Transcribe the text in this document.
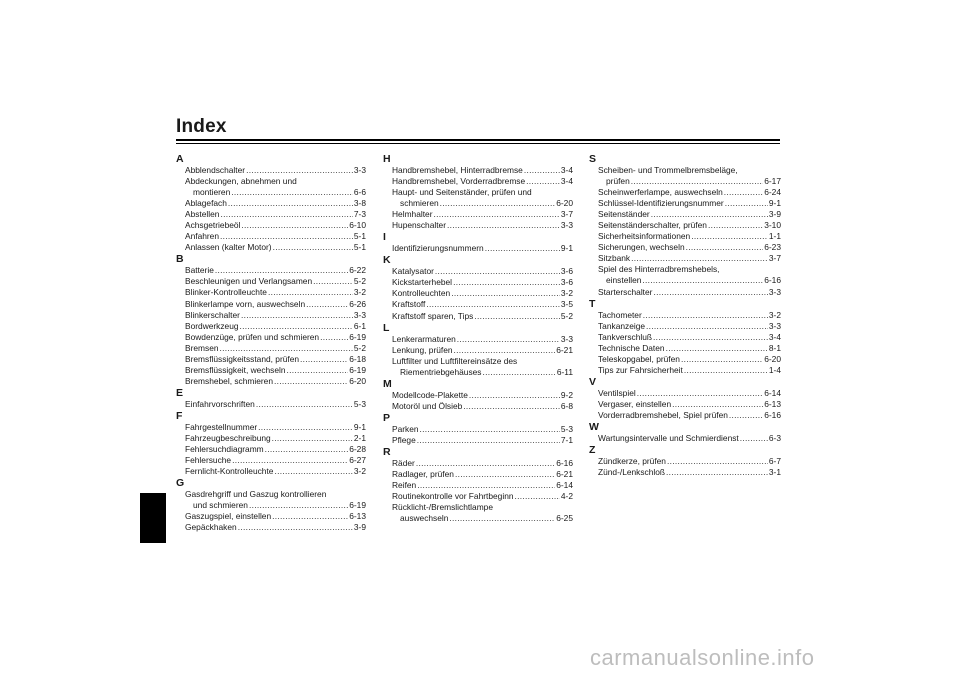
Index
A
Abblendschalter .....	3-3
Abdeckungen, abnehmen und
montieren .....	6-6
Ablagefach .....	3-8
Abstellen .....	7-3
Achsgetriebeöl .....	6-10
Anfahren .....	5-1
Anlassen (kalter Motor) .....	5-1
B
Batterie .....	6-22
Beschleunigen und Verlangsamen .....	5-2
Blinker-Kontrolleuchte .....	3-2
Blinkerlampe vorn, auswechseln .....	6-26
Blinkerschalter .....	3-3
Bordwerkzeug .....	6-1
Bowdenzüge, prüfen und schmieren .....	6-19
Bremsen .....	5-2
Bremsflüssigkeitsstand, prüfen .....	6-18
Bremsflüssigkeit, wechseln .....	6-19
Bremshebel, schmieren .....	6-20
E
Einfahrvorschriften .....	5-3
F
Fahrgestellnummer .....	9-1
Fahrzeugbeschreibung .....	2-1
Fehlersuchdiagramm .....	6-28
Fehlersuche .....	6-27
Fernlicht-Kontrolleuchte .....	3-2
G
Gasdrehgriff und Gaszug kontrollieren
und schmieren .....	6-19
Gaszugspiel, einstellen .....	6-13
Gepäckhaken .....	3-9
H
Handbremshebel, Hinterradbremse .....	3-4
Handbremshebel, Vorderradbremse .....	3-4
Haupt- und Seitenständer, prüfen und
schmieren .....	6-20
Helmhalter .....	3-7
Hupenschalter .....	3-3
I
Identifizierungsnummern .....	9-1
K
Katalysator .....	3-6
Kickstarterhebel .....	3-6
Kontrolleuchten .....	3-2
Kraftstoff .....	3-5
Kraftstoff sparen, Tips .....	5-2
L
Lenkerarmaturen .....	3-3
Lenkung, prüfen .....	6-21
Luftfilter und Luftfiltereinsätze des
Riementriebgehäuses .....	6-11
M
Modellcode-Plakette .....	9-2
Motoröl und Ölsieb .....	6-8
P
Parken .....	5-3
Pflege .....	7-1
R
Räder .....	6-16
Radlager, prüfen .....	6-21
Reifen .....	6-14
Routinekontrolle vor Fahrtbeginn .....	4-2
Rücklicht-/Bremslichtlampe
auswechseln .....	6-25
S
Scheiben- und Trommelbremsbeläge,
prüfen .....	6-17
Scheinwerferlampe, auswechseln .....	6-24
Schlüssel-Identifizierungsnummer .....	9-1
Seitenständer .....	3-9
Seitenständerschalter, prüfen .....	3-10
Sicherheitsinformationen .....	1-1
Sicherungen, wechseln .....	6-23
Sitzbank .....	3-7
Spiel des Hinterradbremshebels,
einstellen .....	6-16
Starterschalter .....	3-3
T
Tachometer .....	3-2
Tankanzeige .....	3-3
Tankverschluß .....	3-4
Technische Daten .....	8-1
Teleskopgabel, prüfen .....	6-20
Tips zur Fahrsicherheit .....	1-4
V
Ventilspiel .....	6-14
Vergaser, einstellen .....	6-13
Vorderradbremshebel, Spiel prüfen .....	6-16
W
Wartungsintervalle und Schmierdienst .....	6-3
Z
Zündkerze, prüfen .....	6-7
Zünd-/Lenkschloß .....	3-1
carmanualsonline.info
